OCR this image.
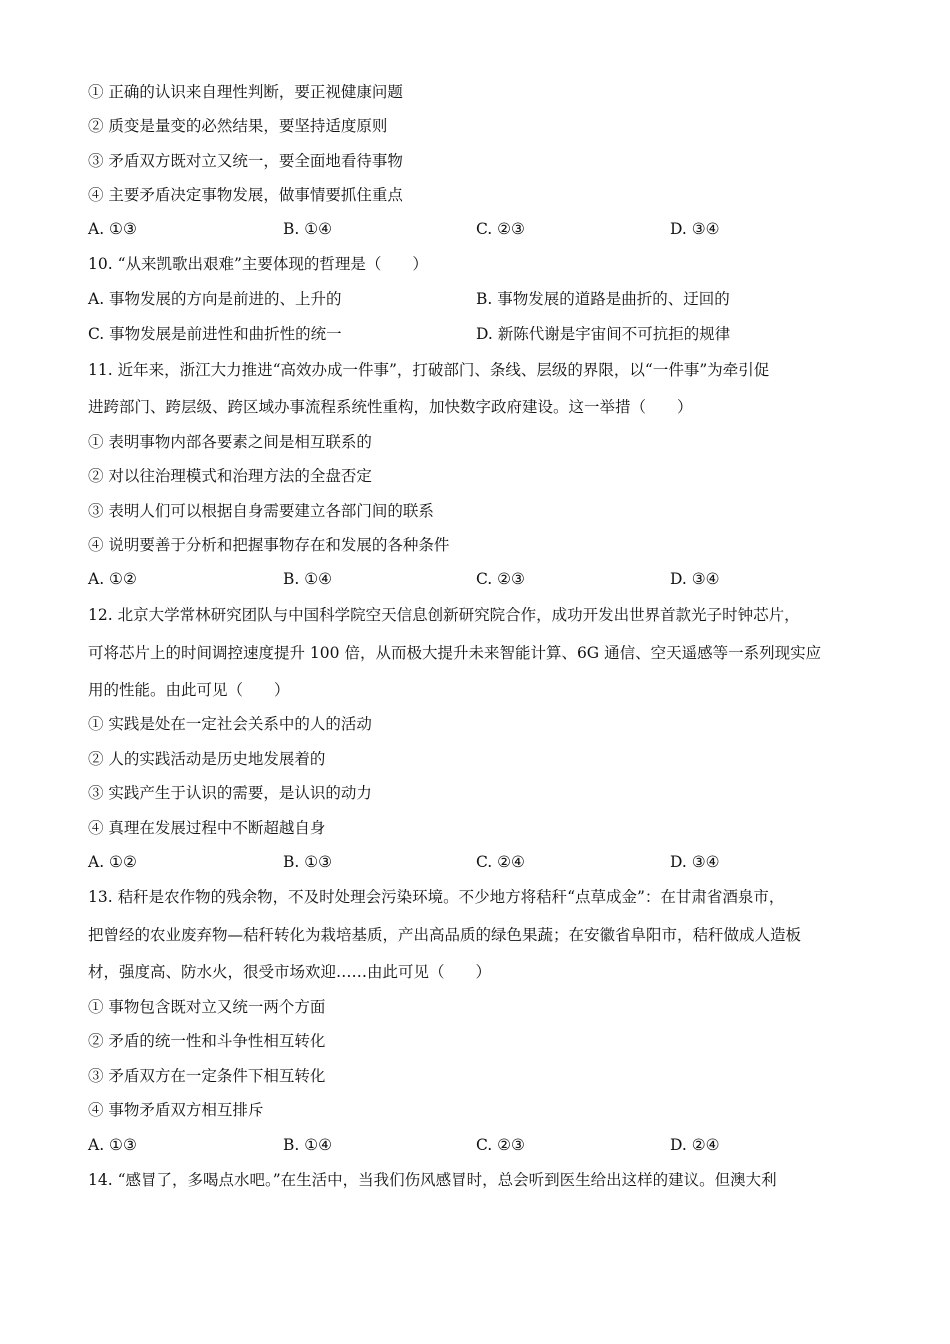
① 正确的认识来自理性判断，要正视健康问题
② 质变是量变的必然结果，要坚持适度原则
③ 矛盾双方既对立又统一，要全面地看待事物
④ 主要矛盾决定事物发展，做事情要抓住重点
A. ①③	B. ①④	C. ②③	D. ③④
10. “从来凯歌出艰难”主要体现的哲理是（　　）
A. 事物发展的方向是前进的、上升的	B. 事物发展的道路是曲折的、迂回的
C. 事物发展是前进性和曲折性的统一	D. 新陈代谢是宇宙间不可抗拒的规律
11. 近年来，浙江大力推进“高效办成一件事”，打破部门、条线、层级的界限，以“一件事”为牵引促
进跨部门、跨层级、跨区域办事流程系统性重构，加快数字政府建设。这一举措（　　）
① 表明事物内部各要素之间是相互联系的
② 对以往治理模式和治理方法的全盘否定
③ 表明人们可以根据自身需要建立各部门间的联系
④ 说明要善于分析和把握事物存在和发展的各种条件
A. ①②	B. ①④	C. ②③	D. ③④
12. 北京大学常林研究团队与中国科学院空天信息创新研究院合作，成功开发出世界首款光子时钟芯片，
可将芯片上的时间调控速度提升 100 倍，从而极大提升未来智能计算、6G 通信、空天遥感等一系列现实应
用的性能。由此可见（　　）
① 实践是处在一定社会关系中的人的活动
② 人的实践活动是历史地发展着的
③ 实践产生于认识的需要，是认识的动力
④ 真理在发展过程中不断超越自身
A. ①②	B. ①③	C. ②④	D. ③④
13. 秸秆是农作物的残余物，不及时处理会污染环境。不少地方将秸秆“点草成金”：在甘肃省酒泉市，
把曾经的农业废弃物—秸秆转化为栽培基质，产出高品质的绿色果蔬；在安徽省阜阳市，秸秆做成人造板
材，强度高、防水火，很受市场欢迎……由此可见（　　）
① 事物包含既对立又统一两个方面
② 矛盾的统一性和斗争性相互转化
③ 矛盾双方在一定条件下相互转化
④ 事物矛盾双方相互排斥
A. ①③	B. ①④	C. ②③	D. ②④
14. “感冒了，多喝点水吧。”在生活中，当我们伤风感冒时，总会听到医生给出这样的建议。但澳大利
